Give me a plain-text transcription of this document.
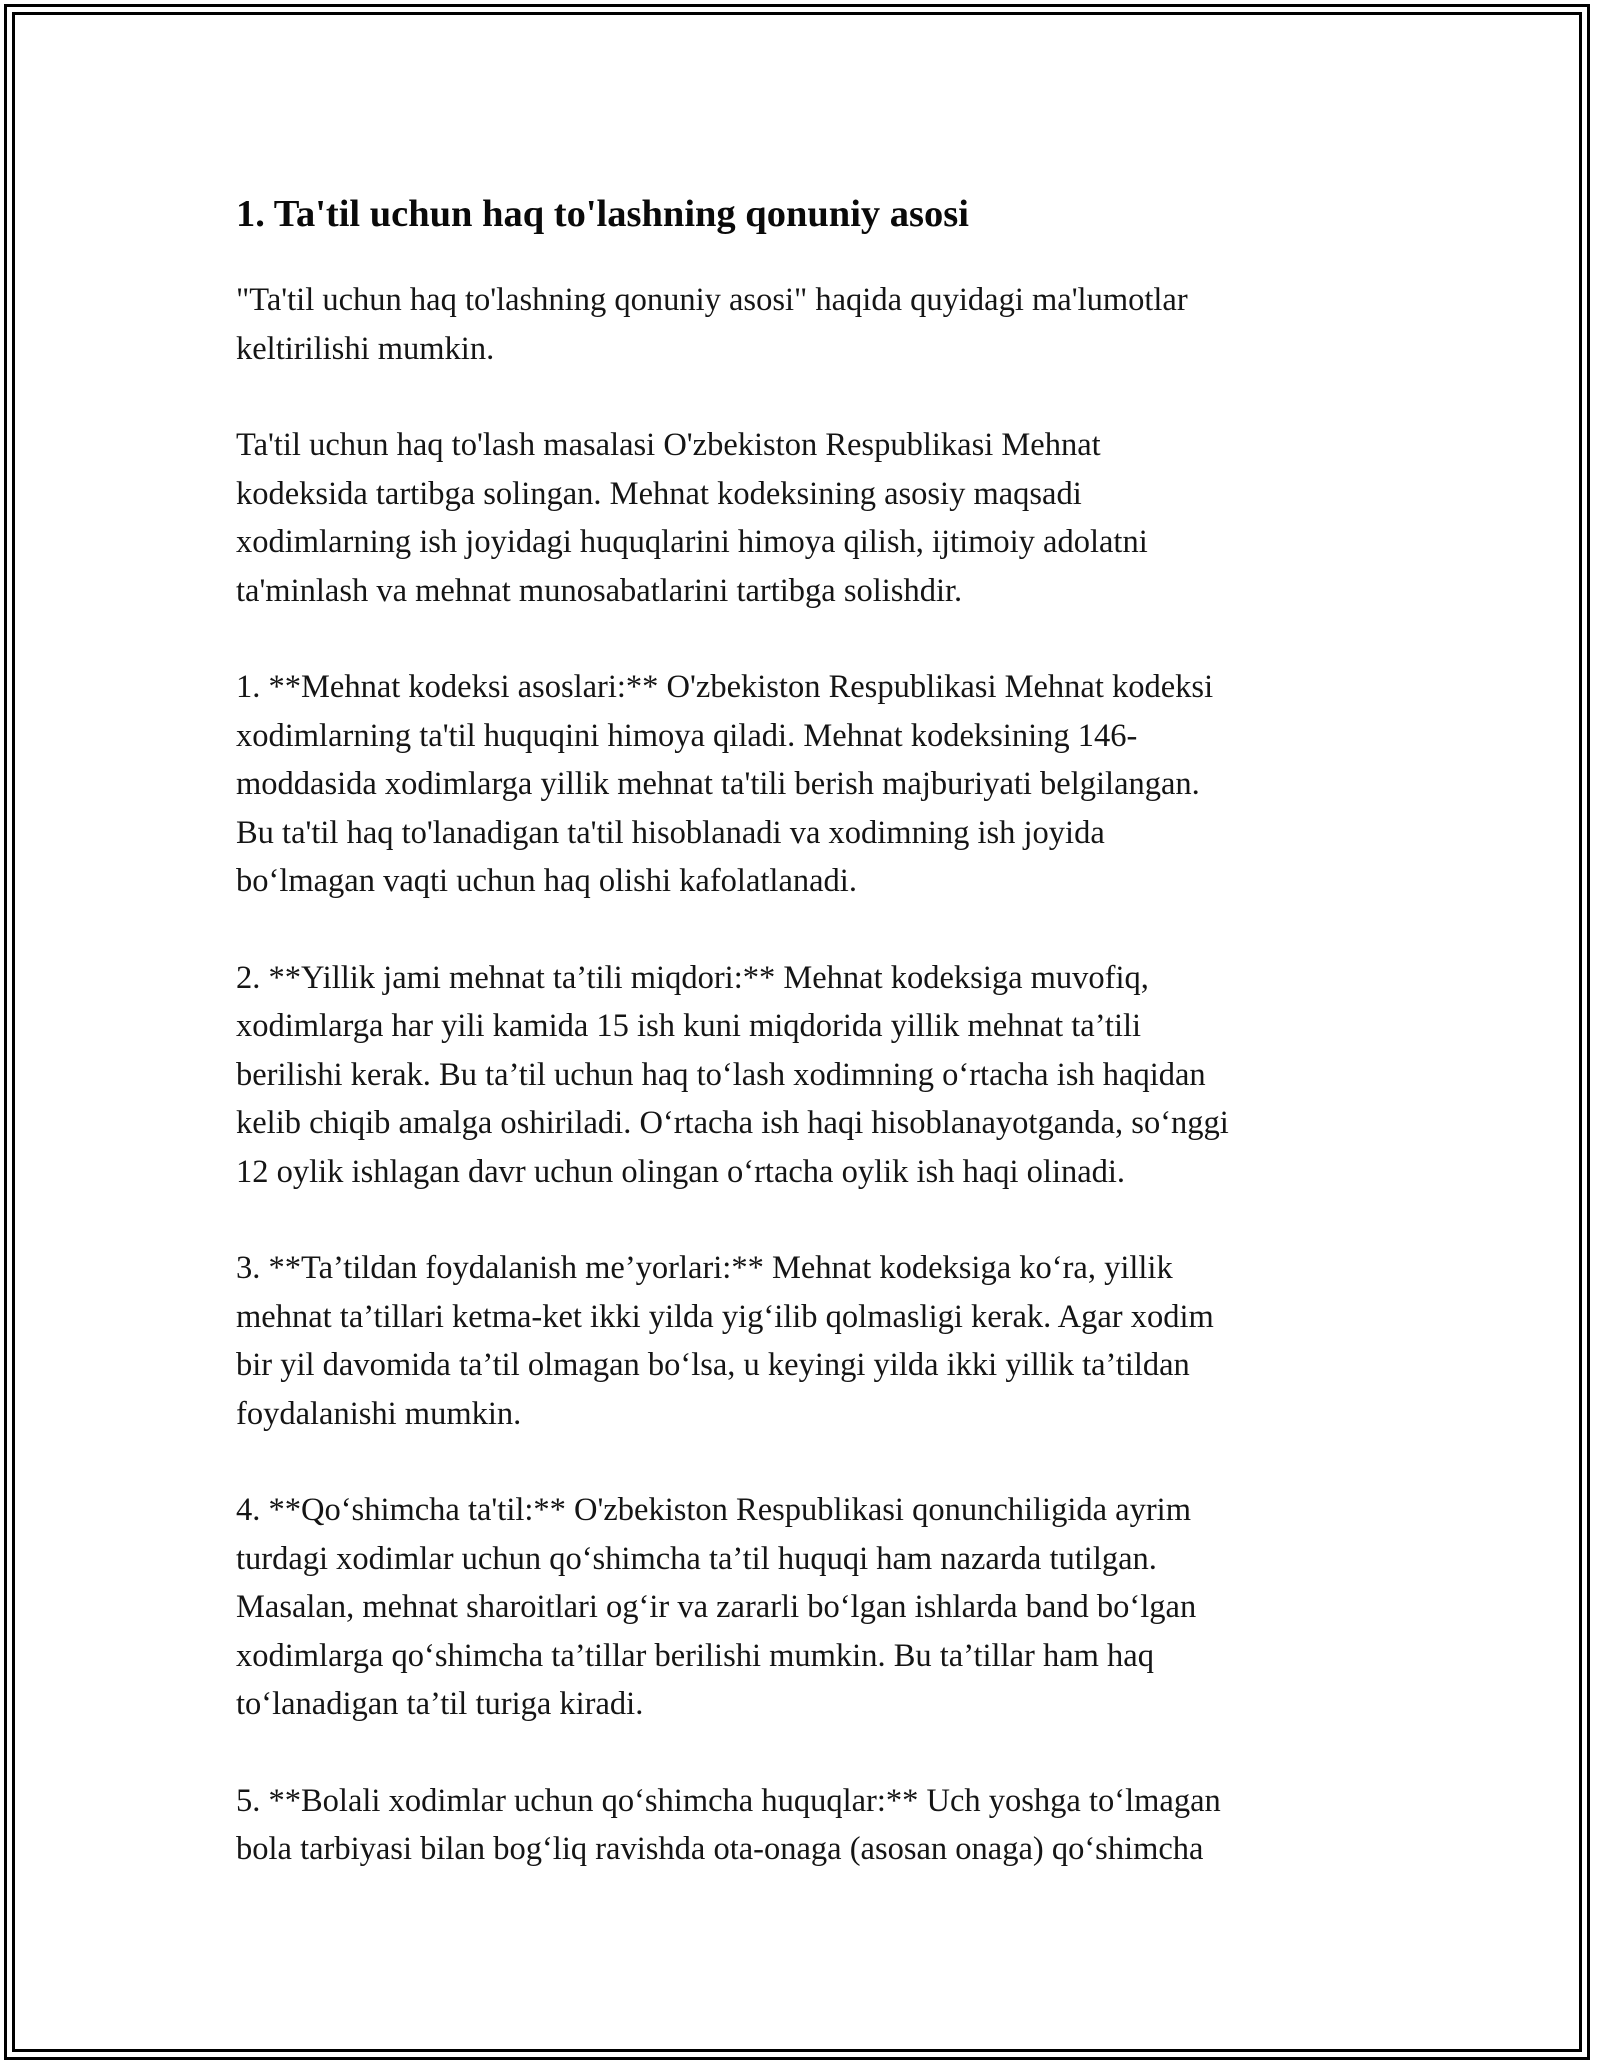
1. Ta'til uchun haq to'lashning qonuniy asosi

"Ta'til uchun haq to'lashning qonuniy asosi" haqida quyidagi ma'lumotlar
keltirilishi mumkin.

Ta'til uchun haq to'lash masalasi O'zbekiston Respublikasi Mehnat
kodeksida tartibga solingan. Mehnat kodeksining asosiy maqsadi
xodimlarning ish joyidagi huquqlarini himoya qilish, ijtimoiy adolatni
ta'minlash va mehnat munosabatlarini tartibga solishdir.

1. **Mehnat kodeksi asoslari:** O'zbekiston Respublikasi Mehnat kodeksi
xodimlarning ta'til huquqini himoya qiladi. Mehnat kodeksining 146-
moddasida xodimlarga yillik mehnat ta'tili berish majburiyati belgilangan.
Bu ta'til haq to'lanadigan ta'til hisoblanadi va xodimning ish joyida
bo‘lmagan vaqti uchun haq olishi kafolatlanadi.

2. **Yillik jami mehnat ta’tili miqdori:** Mehnat kodeksiga muvofiq,
xodimlarga har yili kamida 15 ish kuni miqdorida yillik mehnat ta’tili
berilishi kerak. Bu ta’til uchun haq to‘lash xodimning o‘rtacha ish haqidan
kelib chiqib amalga oshiriladi. O‘rtacha ish haqi hisoblanayotganda, so‘nggi
12 oylik ishlagan davr uchun olingan o‘rtacha oylik ish haqi olinadi.

3. **Ta’tildan foydalanish me’yorlari:** Mehnat kodeksiga ko‘ra, yillik
mehnat ta’tillari ketma-ket ikki yilda yig‘ilib qolmasligi kerak. Agar xodim
bir yil davomida ta’til olmagan bo‘lsa, u keyingi yilda ikki yillik ta’tildan
foydalanishi mumkin.

4. **Qo‘shimcha ta'til:** O'zbekiston Respublikasi qonunchiligida ayrim
turdagi xodimlar uchun qo‘shimcha ta’til huquqi ham nazarda tutilgan.
Masalan, mehnat sharoitlari og‘ir va zararli bo‘lgan ishlarda band bo‘lgan
xodimlarga qo‘shimcha ta’tillar berilishi mumkin. Bu ta’tillar ham haq
to‘lanadigan ta’til turiga kiradi.

5. **Bolali xodimlar uchun qo‘shimcha huquqlar:** Uch yoshga to‘lmagan
bola tarbiyasi bilan bog‘liq ravishda ota-onaga (asosan onaga) qo‘shimcha
